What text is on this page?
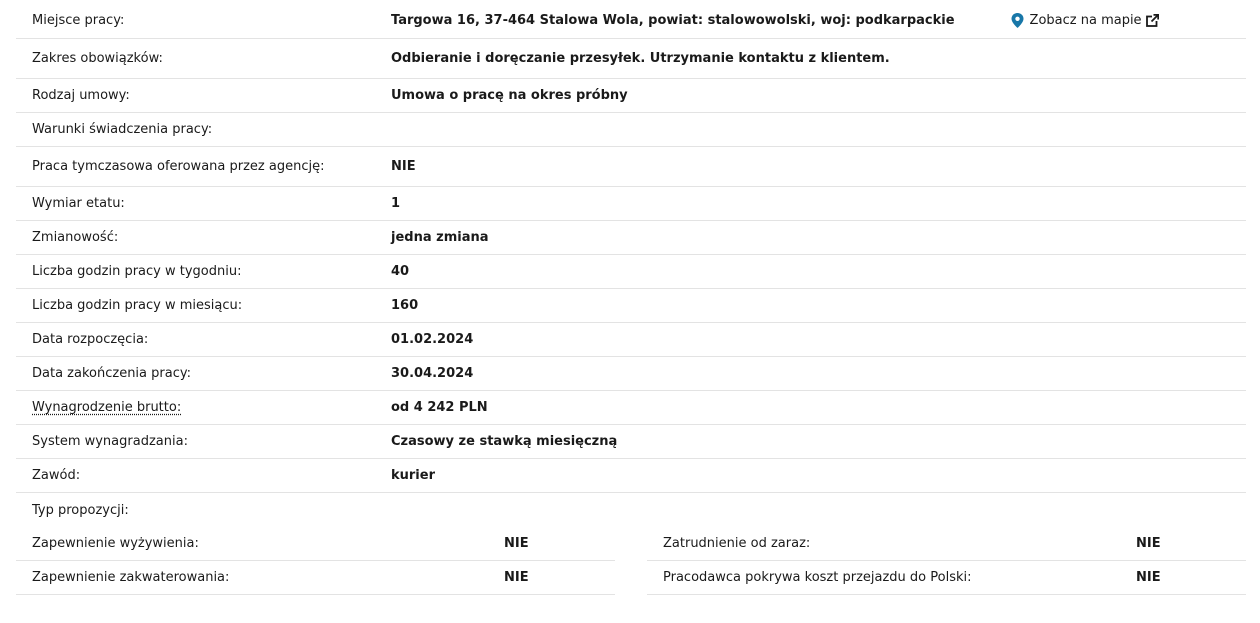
Miejsce pracy:	Targowa 16, 37-464 Stalowa Wola, powiat: stalowowolski, woj: podkarpackie	Zobacz na mapie
Zakres obowiązków:	Odbieranie i doręczanie przesyłek. Utrzymanie kontaktu z klientem.
Rodzaj umowy:	Umowa o pracę na okres próbny
Warunki świadczenia pracy:
Praca tymczasowa oferowana przez agencję:	NIE
Wymiar etatu:	1
Zmianowość:	jedna zmiana
Liczba godzin pracy w tygodniu:	40
Liczba godzin pracy w miesiącu:	160
Data rozpoczęcia:	01.02.2024
Data zakończenia pracy:	30.04.2024
Wynagrodzenie brutto:	od 4 242 PLN
System wynagradzania:	Czasowy ze stawką miesięczną
Zawód:	kurier
Typ propozycji:
Zapewnienie wyżywienia:	NIE
Zapewnienie zakwaterowania:	NIE
Zatrudnienie od zaraz:	NIE
Pracodawca pokrywa koszt przejazdu do Polski:	NIE
